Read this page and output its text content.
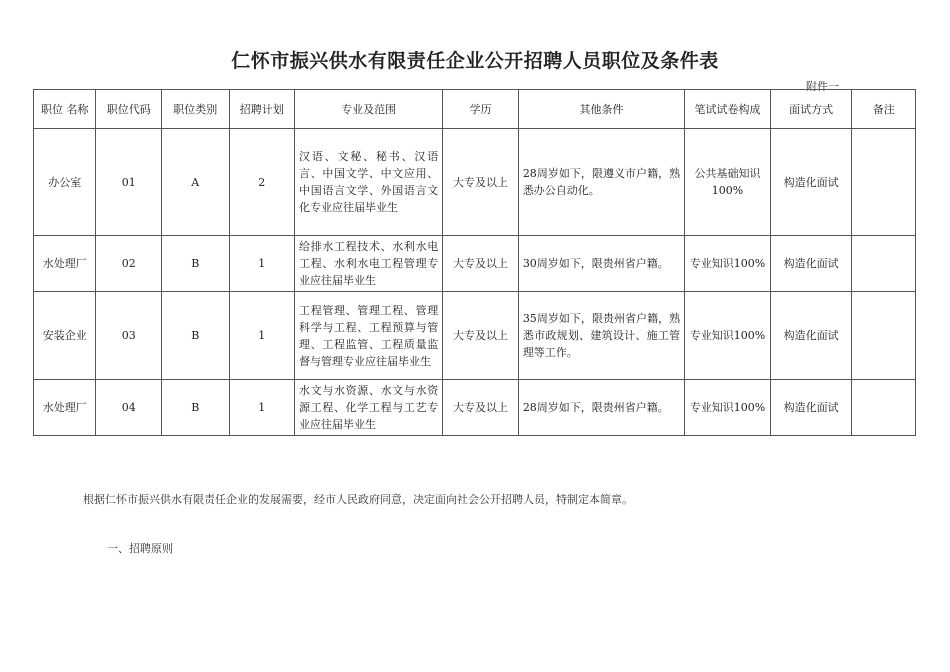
仁怀市振兴供水有限责任企业公开招聘人员职位及条件表
附件一
职位 名称	职位代码	职位类别	招聘计划	专业及范围	学历	其他条件	笔试试卷构成	面试方式	备注
办公室	01	A	2	汉语、文秘、秘书、汉语言、中国文学、中文应用、中国语言文学、外国语言文化专业应往届毕业生	大专及以上	28周岁如下，限遵义市户籍，熟悉办公自动化。	公共基础知识100%	构造化面试	
水处理厂	02	B	1	给排水工程技术、水利水电工程、水利水电工程管理专业应往届毕业生	大专及以上	30周岁如下，限贵州省户籍。	专业知识100%	构造化面试	
安装企业	03	B	1	工程管理、管理工程、管理科学与工程、工程预算与管理、工程监管、工程质量监督与管理专业应往届毕业生	大专及以上	35周岁如下，限贵州省户籍，熟悉市政规划、建筑设计、施工管理等工作。	专业知识100%	构造化面试	
水处理厂	04	B	1	水文与水资源、水文与水资源工程、化学工程与工艺专业应往届毕业生	大专及以上	28周岁如下，限贵州省户籍。	专业知识100%	构造化面试	
根据仁怀市振兴供水有限责任企业的发展需要，经市人民政府同意，决定面向社会公开招聘人员，特制定本简章。
一、招聘原则
